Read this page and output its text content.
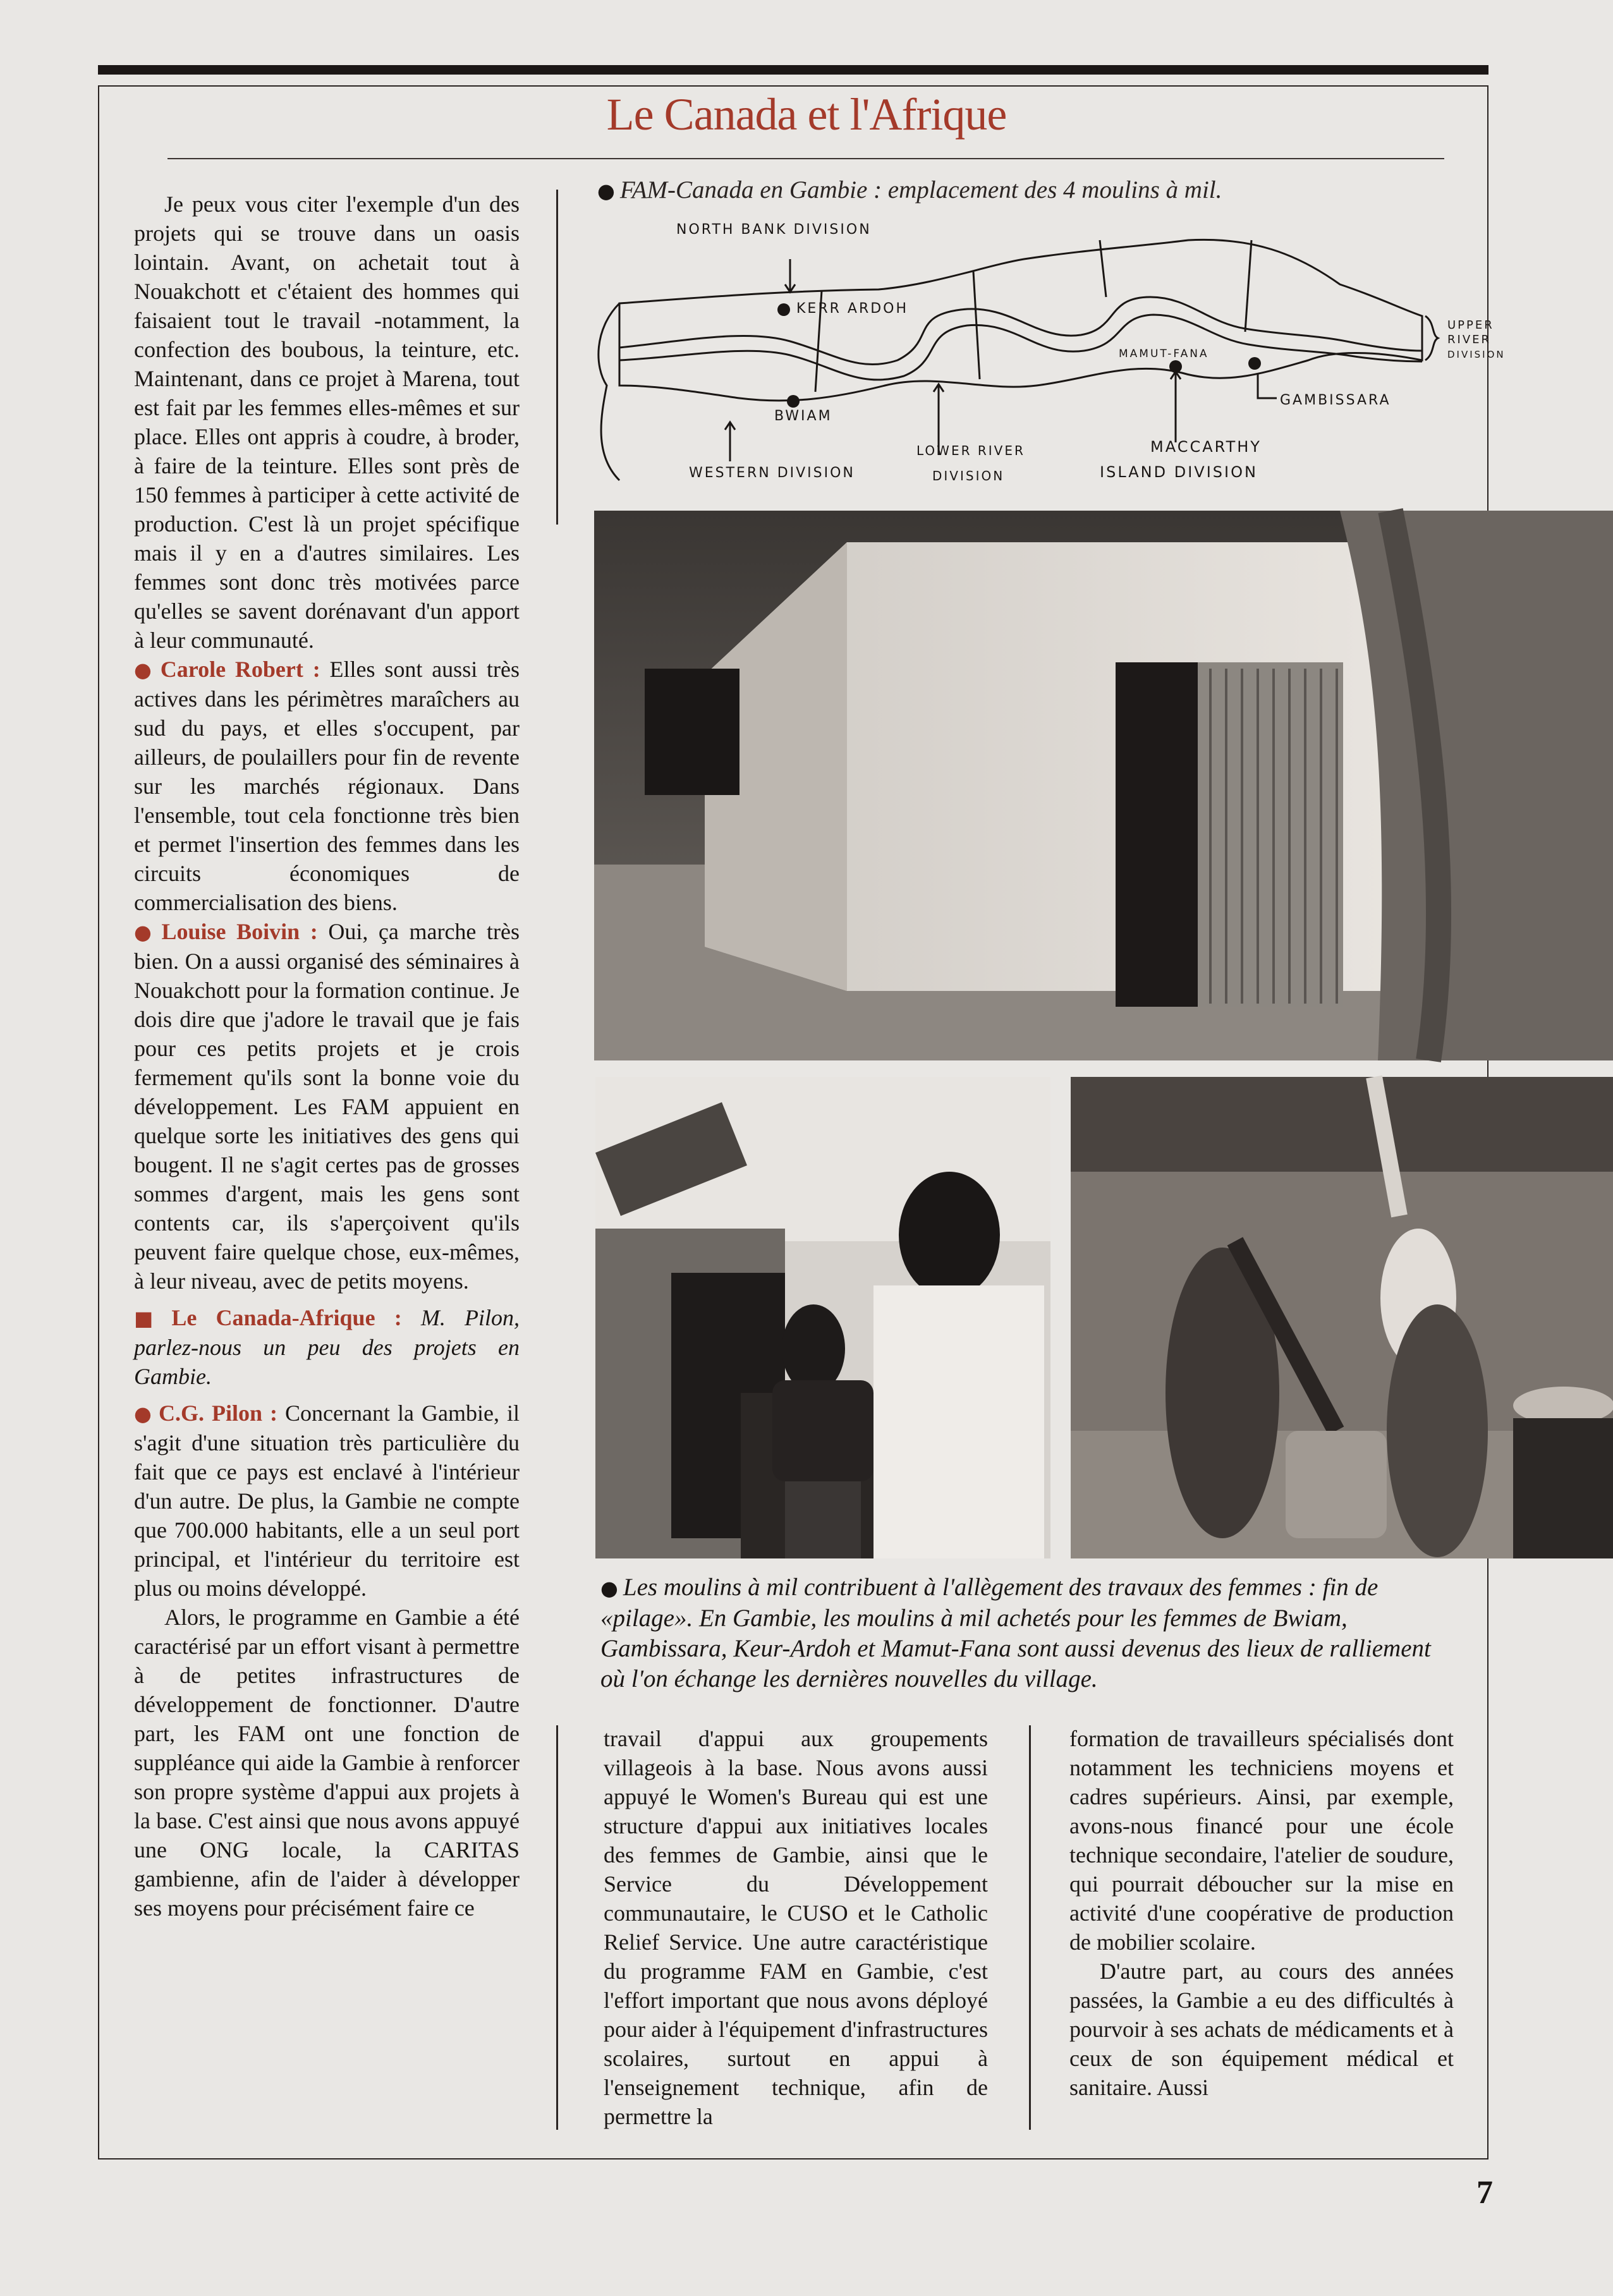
Le Canada et l'Afrique

Je peux vous citer l'exemple d'un des projets qui se trouve dans un oasis lointain. Avant, on achetait tout à Nouakchott et c'étaient des hommes qui faisaient tout le travail -notamment, la confection des boubous, la teinture, etc. Maintenant, dans ce projet à Marena, tout est fait par les femmes elles-mêmes et sur place. Elles ont appris à coudre, à broder, à faire de la teinture. Elles sont près de 150 femmes à participer à cette activité de production. C'est là un projet spécifique mais il y en a d'autres similaires. Les femmes sont donc très motivées parce qu'elles se savent dorénavant d'un apport à leur communauté.

● Carole Robert : Elles sont aussi très actives dans les périmètres maraîchers au sud du pays, et elles s'occupent, par ailleurs, de poulaillers pour fin de revente sur les marchés régionaux. Dans l'ensemble, tout cela fonctionne très bien et permet l'insertion des femmes dans les circuits économiques de commercialisation des biens.

● Louise Boivin : Oui, ça marche très bien. On a aussi organisé des séminaires à Nouakchott pour la formation continue. Je dois dire que j'adore le travail que je fais pour ces petits projets et je crois fermement qu'ils sont la bonne voie du développement. Les FAM appuient en quelque sorte les initiatives des gens qui bougent. Il ne s'agit certes pas de grosses sommes d'argent, mais les gens sont contents car, ils s'aperçoivent qu'ils peuvent faire quelque chose, eux-mêmes, à leur niveau, avec de petits moyens.

■ Le Canada-Afrique : M. Pilon, parlez-nous un peu des projets en Gambie.

● C.G. Pilon : Concernant la Gambie, il s'agit d'une situation très particulière du fait que ce pays est enclavé à l'intérieur d'un autre. De plus, la Gambie ne compte que 700.000 habitants, elle a un seul port principal, et l'intérieur du territoire est plus ou moins développé.

Alors, le programme en Gambie a été caractérisé par un effort visant à permettre à de petites infrastructures de développement de fonctionner. D'autre part, les FAM ont une fonction de suppléance qui aide la Gambie à renforcer son propre système d'appui aux projets à la base. C'est ainsi que nous avons appuyé une ONG locale, la CARITAS gambienne, afin de l'aider à développer ses moyens pour précisément faire ce

● FAM-Canada en Gambie : emplacement des 4 moulins à mil.
NORTH BANK DIVISION
KERR ARDOH
BWIAM
MAMUT-FANA
GAMBISSARA
UPPER
RIVER
DIVISION
WESTERN DIVISION
LOWER RIVER
DIVISION
MACCARTHY
ISLAND DIVISION
● Les moulins à mil contribuent à l'allègement des travaux des femmes : fin de «pilage». En Gambie, les moulins à mil achetés pour les femmes de Bwiam, Gambissara, Keur-Ardoh et Mamut-Fana sont aussi devenus des lieux de ralliement où l'on échange les dernières nouvelles du village.

travail d'appui aux groupements villageois à la base. Nous avons aussi appuyé le Women's Bureau qui est une structure d'appui aux initiatives locales des femmes de Gambie, ainsi que le Service du Développement communautaire, le CUSO et le Catholic Relief Service. Une autre caractéristique du programme FAM en Gambie, c'est l'effort important que nous avons déployé pour aider à l'équipement d'infrastructures scolaires, surtout en appui à l'enseignement technique, afin de permettre la

formation de travailleurs spécialisés dont notamment les techniciens moyens et cadres supérieurs. Ainsi, par exemple, avons-nous financé pour une école technique secondaire, l'atelier de soudure, qui pourrait déboucher sur la mise en activité d'une coopérative de production de mobilier scolaire.

D'autre part, au cours des années passées, la Gambie a eu des difficultés à pourvoir à ses achats de médicaments et à ceux de son équipement médical et sanitaire. Aussi

7
